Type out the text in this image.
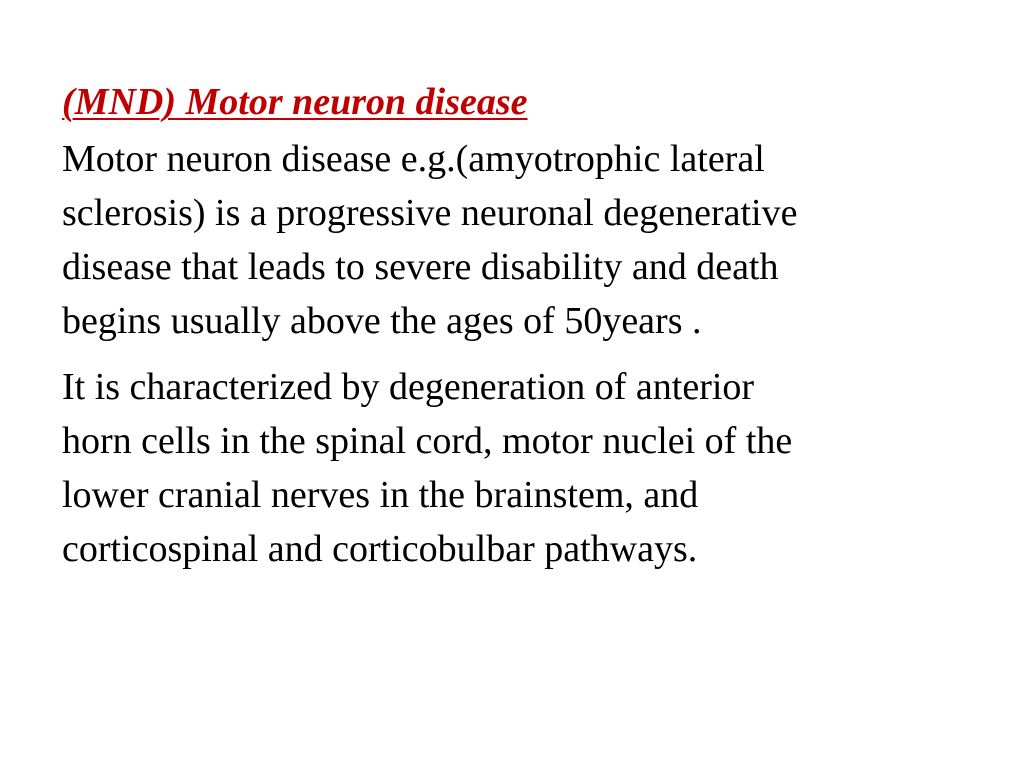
(MND) Motor neuron disease

Motor neuron disease e.g.(amyotrophic lateral
sclerosis) is a progressive neuronal degenerative
disease that leads to severe disability and death
begins usually above the ages of 50years .

It is characterized by degeneration of anterior
horn cells in the spinal cord, motor nuclei of the
lower cranial nerves in the brainstem, and
corticospinal and corticobulbar pathways.
